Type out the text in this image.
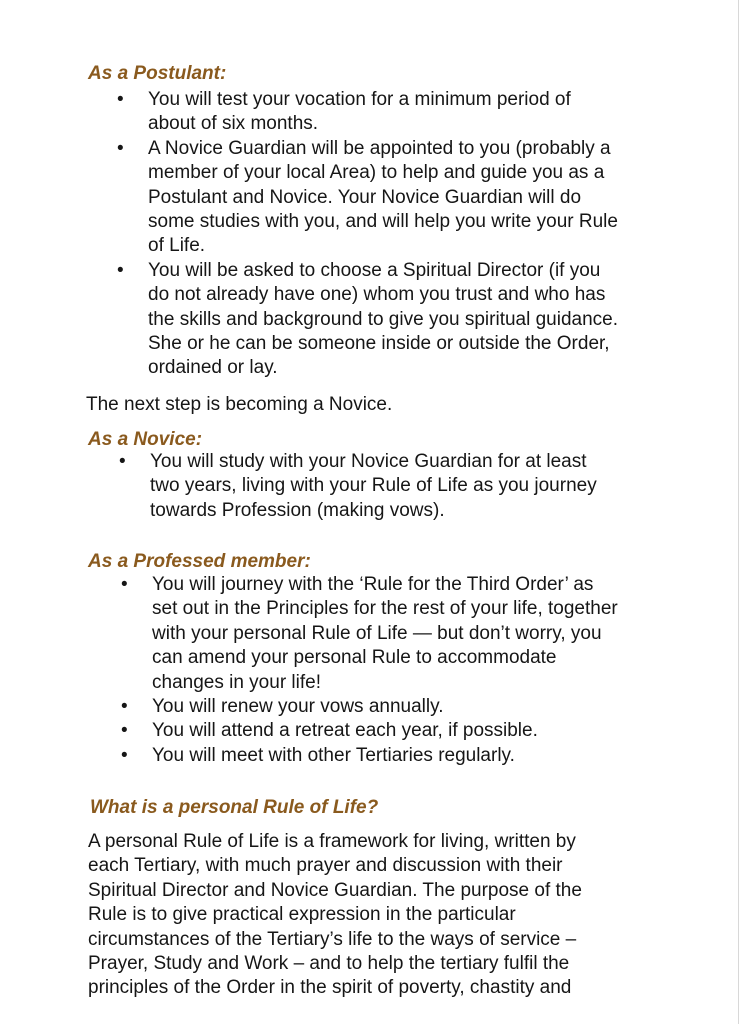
As a Postulant:
• You will test your vocation for a minimum period of
about of six months.
• A Novice Guardian will be appointed to you (probably a
member of your local Area) to help and guide you as a
Postulant and Novice. Your Novice Guardian will do
some studies with you, and will help you write your Rule
of Life.
• You will be asked to choose a Spiritual Director (if you
do not already have one) whom you trust and who has
the skills and background to give you spiritual guidance.
She or he can be someone inside or outside the Order,
ordained or lay.

The next step is becoming a Novice.

As a Novice:
• You will study with your Novice Guardian for at least
two years, living with your Rule of Life as you journey
towards Profession (making vows).
As a Professed member:
• You will journey with the ‘Rule for the Third Order’ as
set out in the Principles for the rest of your life, together
with your personal Rule of Life — but don’t worry, you
can amend your personal Rule to accommodate
changes in your life!
• You will renew your vows annually.
• You will attend a retreat each year, if possible.
• You will meet with other Tertiaries regularly.
What is a personal Rule of Life?

A personal Rule of Life is a framework for living, written by
each Tertiary, with much prayer and discussion with their
Spiritual Director and Novice Guardian. The purpose of the
Rule is to give practical expression in the particular
circumstances of the Tertiary’s life to the ways of service –
Prayer, Study and Work – and to help the tertiary fulfil the
principles of the Order in the spirit of poverty, chastity and
